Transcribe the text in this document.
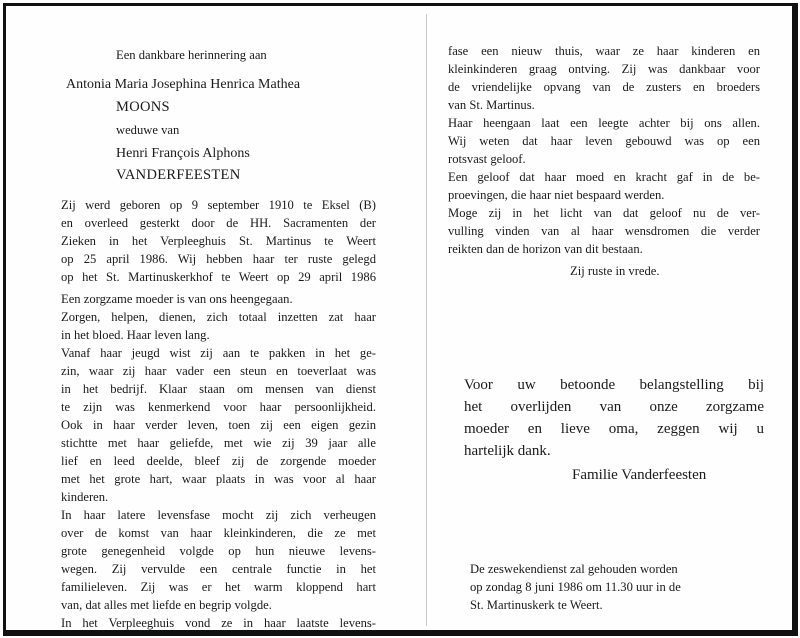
Een dankbare herinnering aan
Antonia Maria Josephina Henrica Mathea
MOONS
weduwe van
Henri François Alphons
VANDERFEESTEN
Zij werd geboren op 9 september 1910 te Eksel (B)
en overleed gesterkt door de HH. Sacramenten der
Zieken in het Verpleeghuis St. Martinus te Weert
op 25 april 1986. Wij hebben haar ter ruste gelegd
op het St. Martinuskerkhof te Weert op 29 april 1986
Een zorgzame moeder is van ons heengegaan.
Zorgen, helpen, dienen, zich totaal inzetten zat haar
in het bloed. Haar leven lang.
Vanaf haar jeugd wist zij aan te pakken in het ge-
zin, waar zij haar vader een steun en toeverlaat was
in het bedrijf. Klaar staan om mensen van dienst
te zijn was kenmerkend voor haar persoonlijkheid.
Ook in haar verder leven, toen zij een eigen gezin
stichtte met haar geliefde, met wie zij 39 jaar alle
lief en leed deelde, bleef zij de zorgende moeder
met het grote hart, waar plaats in was voor al haar
kinderen.
In haar latere levensfase mocht zij zich verheugen
over de komst van haar kleinkinderen, die ze met
grote genegenheid volgde op hun nieuwe levens-
wegen. Zij vervulde een centrale functie in het
familieleven. Zij was er het warm kloppend hart
van, dat alles met liefde en begrip volgde.
In het Verpleeghuis vond ze in haar laatste levens-
fase een nieuw thuis, waar ze haar kinderen en
kleinkinderen graag ontving. Zij was dankbaar voor
de vriendelijke opvang van de zusters en broeders
van St. Martinus.
Haar heengaan laat een leegte achter bij ons allen.
Wij weten dat haar leven gebouwd was op een
rotsvast geloof.
Een geloof dat haar moed en kracht gaf in de be-
proevingen, die haar niet bespaard werden.
Moge zij in het licht van dat geloof nu de ver-
vulling vinden van al haar wensdromen die verder
reikten dan de horizon van dit bestaan.
Zij ruste in vrede.
Voor uw betoonde belangstelling bij
het overlijden van onze zorgzame
moeder en lieve oma, zeggen wij u
hartelijk dank.
Familie Vanderfeesten
De zeswekendienst zal gehouden worden
op zondag 8 juni 1986 om 11.30 uur in de
St. Martinuskerk te Weert.
